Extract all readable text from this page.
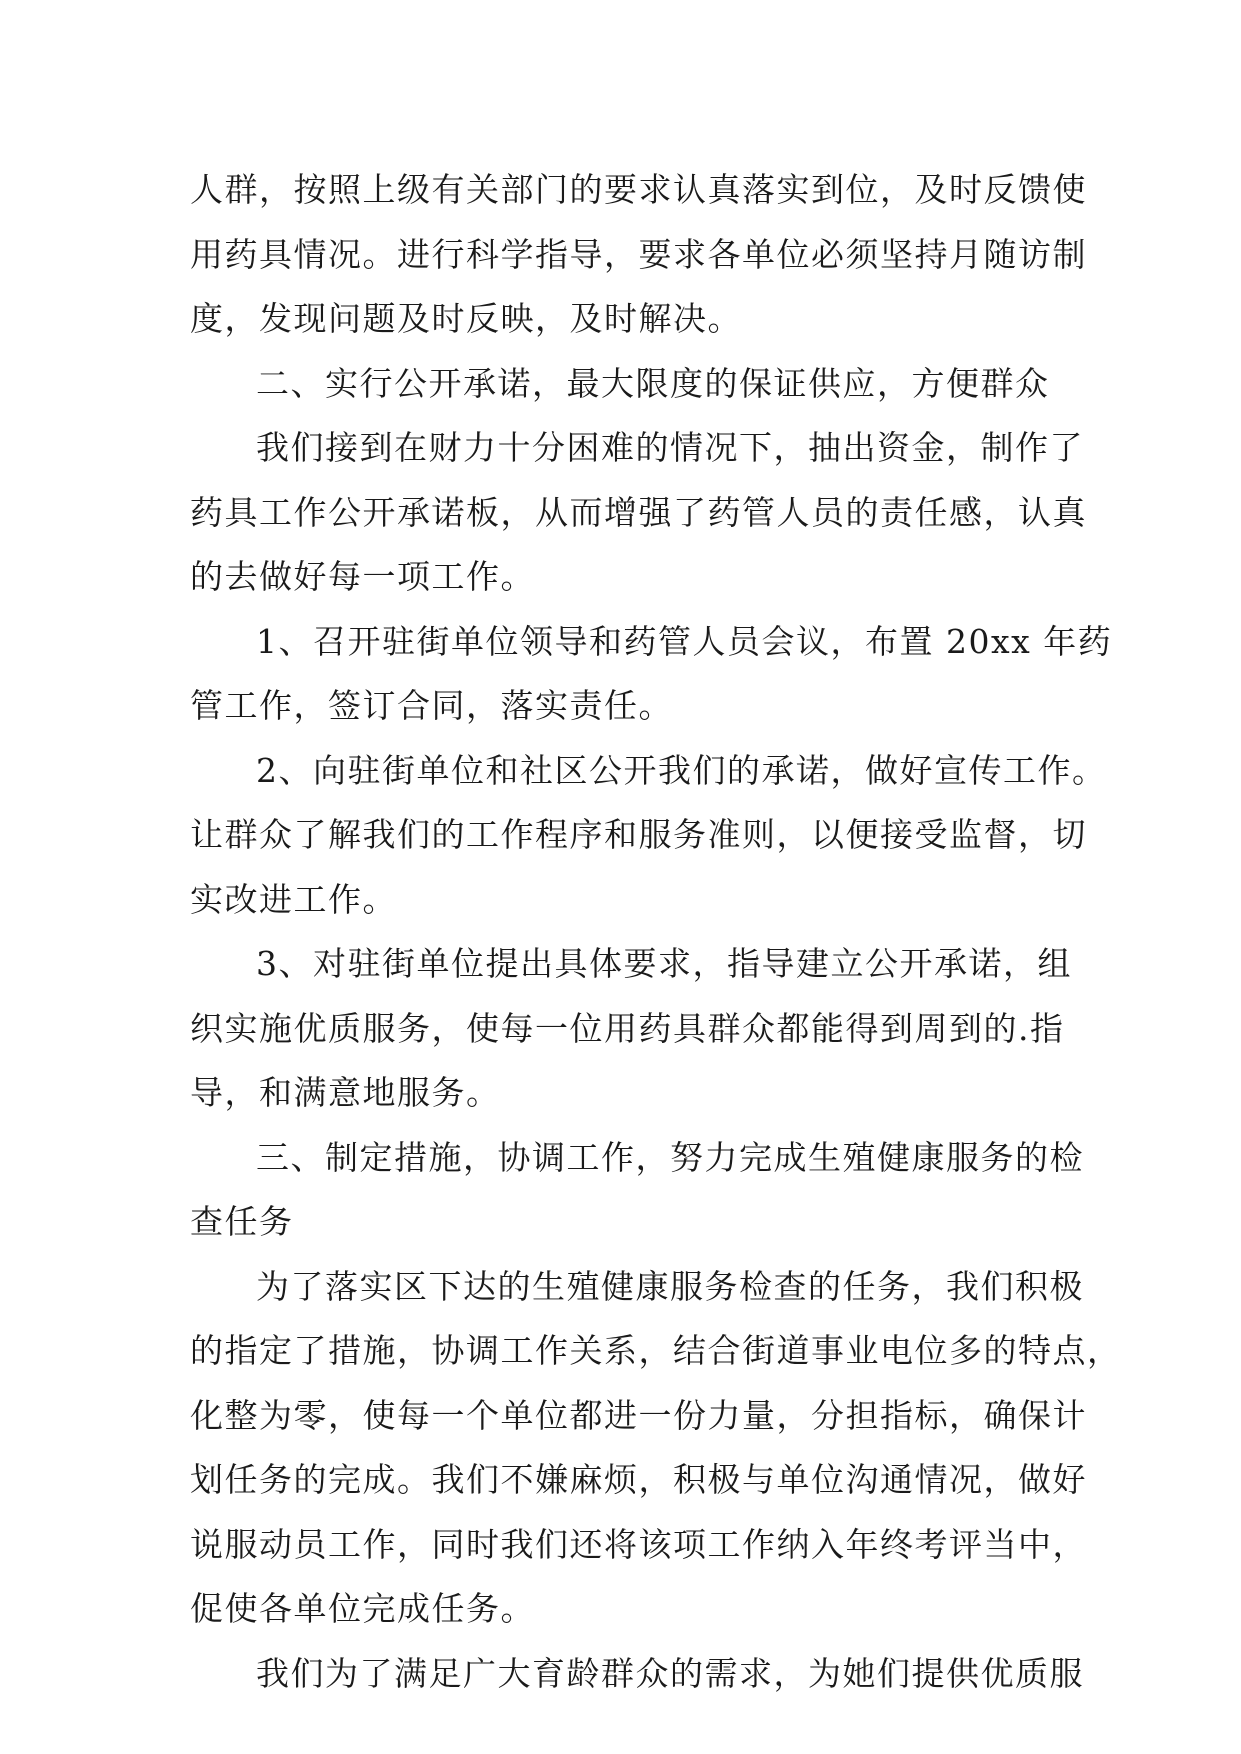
人群，按照上级有关部门的要求认真落实到位，及时反馈使
用药具情况。进行科学指导，要求各单位必须坚持月随访制
度，发现问题及时反映，及时解决。
二、实行公开承诺，最大限度的保证供应，方便群众
我们接到在财力十分困难的情况下，抽出资金，制作了
药具工作公开承诺板，从而增强了药管人员的责任感，认真
的去做好每一项工作。
1、召开驻街单位领导和药管人员会议，布置 20xx 年药
管工作，签订合同，落实责任。
2、向驻街单位和社区公开我们的承诺，做好宣传工作。
让群众了解我们的工作程序和服务准则，以便接受监督，切
实改进工作。
3、对驻街单位提出具体要求，指导建立公开承诺，组
织实施优质服务，使每一位用药具群众都能得到周到的.指
导，和满意地服务。
三、制定措施，协调工作，努力完成生殖健康服务的检
查任务
为了落实区下达的生殖健康服务检查的任务，我们积极
的指定了措施，协调工作关系，结合街道事业电位多的特点，
化整为零，使每一个单位都进一份力量，分担指标，确保计
划任务的完成。我们不嫌麻烦，积极与单位沟通情况，做好
说服动员工作，同时我们还将该项工作纳入年终考评当中，
促使各单位完成任务。
我们为了满足广大育龄群众的需求，为她们提供优质服
